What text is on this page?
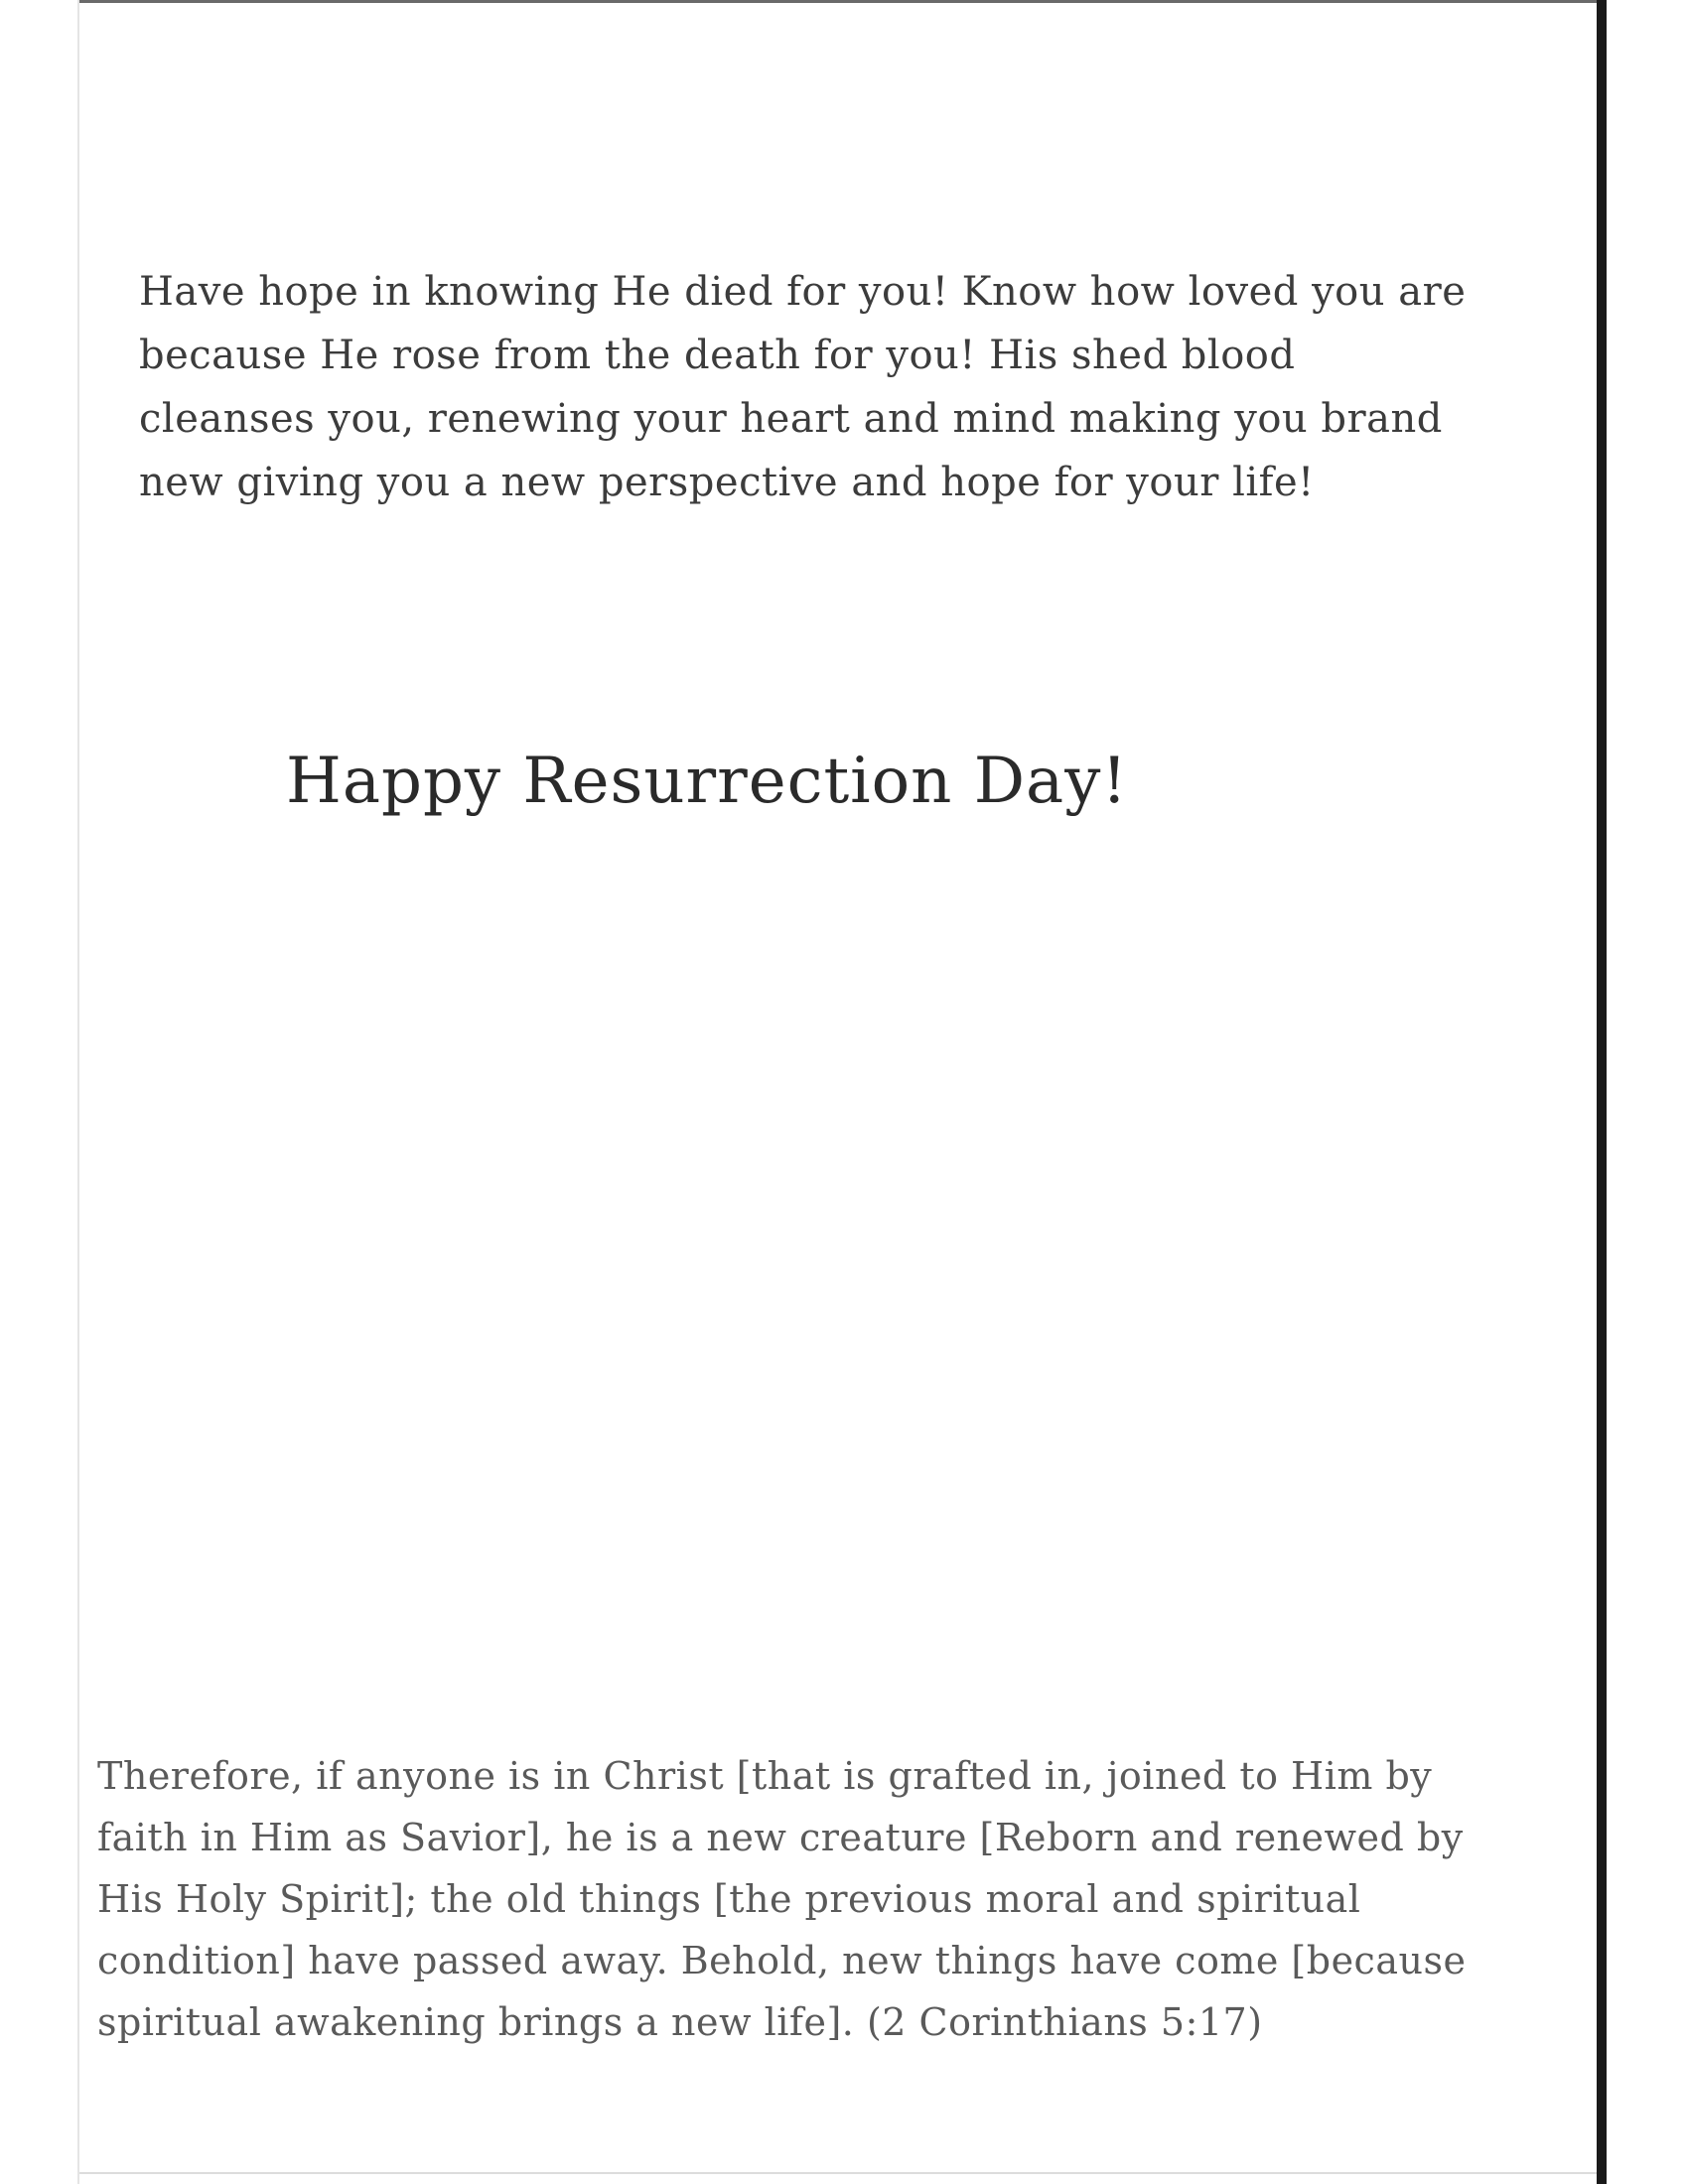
Have hope in knowing He died for you! Know how loved you are because He rose from the death for you! His shed blood cleanses you, renewing your heart and mind making you brand new giving you a new perspective and hope for your life!

Happy Resurrection Day!

Therefore, if anyone is in Christ [that is grafted in, joined to Him by faith in Him as Savior], he is a new creature [Reborn and renewed by His Holy Spirit]; the old things [the previous moral and spiritual condition] have passed away. Behold, new things have come [because spiritual awakening brings a new life]. (2 Corinthians 5:17)
